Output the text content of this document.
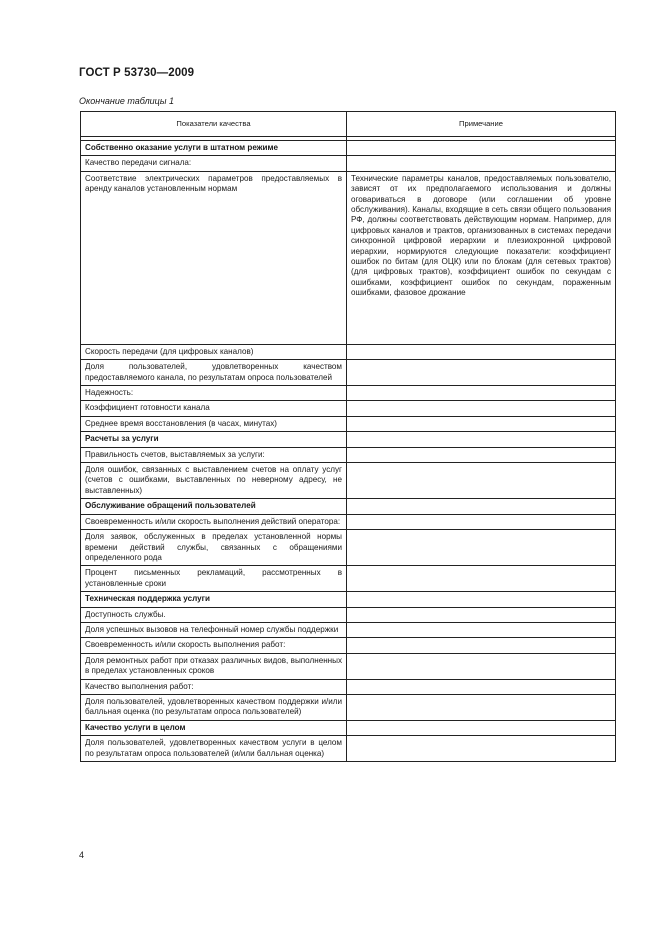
ГОСТ Р 53730—2009
Окончание таблицы 1
Показатели качества	Примечание

Собственно оказание услуги в штатном режиме	
Качество передачи сигнала:	
Соответствие электрических параметров предоставляемых в аренду каналов установленным нормам	Технические параметры каналов, предоставляемых пользователю, зависят от их предполагаемого использования и должны оговариваться в договоре (или соглашении об уровне обслуживания). Каналы, входящие в сеть связи общего пользования РФ, должны соответствовать действующим нормам. Например, для цифровых каналов и трактов, организованных в системах передачи синхронной цифровой иерархии и плезиохронной цифровой иерархии, нормируются следующие показатели: коэффициент ошибок по битам (для ОЦК) или по блокам (для сетевых трактов) (для цифровых трактов), коэффициент ошибок по секундам с ошибками, коэффициент ошибок по секундам, пораженным ошибками, фазовое дрожание
Скорость передачи (для цифровых каналов)	
Доля пользователей, удовлетворенных качеством предоставляемого канала, по результатам опроса пользователей	
Надежность:	
Коэффициент готовности канала	
Среднее время восстановления (в часах, минутах)	
Расчеты за услуги	
Правильность счетов, выставляемых за услуги:	
Доля ошибок, связанных с выставлением счетов на оплату услуг (счетов с ошибками, выставленных по неверному адресу, не выставленных)	
Обслуживание обращений пользователей	
Своевременность и/или скорость выполнения действий оператора:	
Доля заявок, обслуженных в пределах установленной нормы времени действий службы, связанных с обращениями определенного рода	
Процент письменных рекламаций, рассмотренных в установленные сроки	
Техническая поддержка услуги	
Доступность службы.	
Доля успешных вызовов на телефонный номер службы поддержки	
Своевременность и/или скорость выполнения работ:	
Доля ремонтных работ при отказах различных видов, выполненных в пределах установленных сроков	
Качество выполнения работ:	
Доля пользователей, удовлетворенных качеством поддержки и/или балльная оценка (по результатам опроса пользователей)	
Качество услуги в целом	
Доля пользователей, удовлетворенных качеством услуги в целом по результатам опроса пользователей (и/или балльная оценка)	
4
